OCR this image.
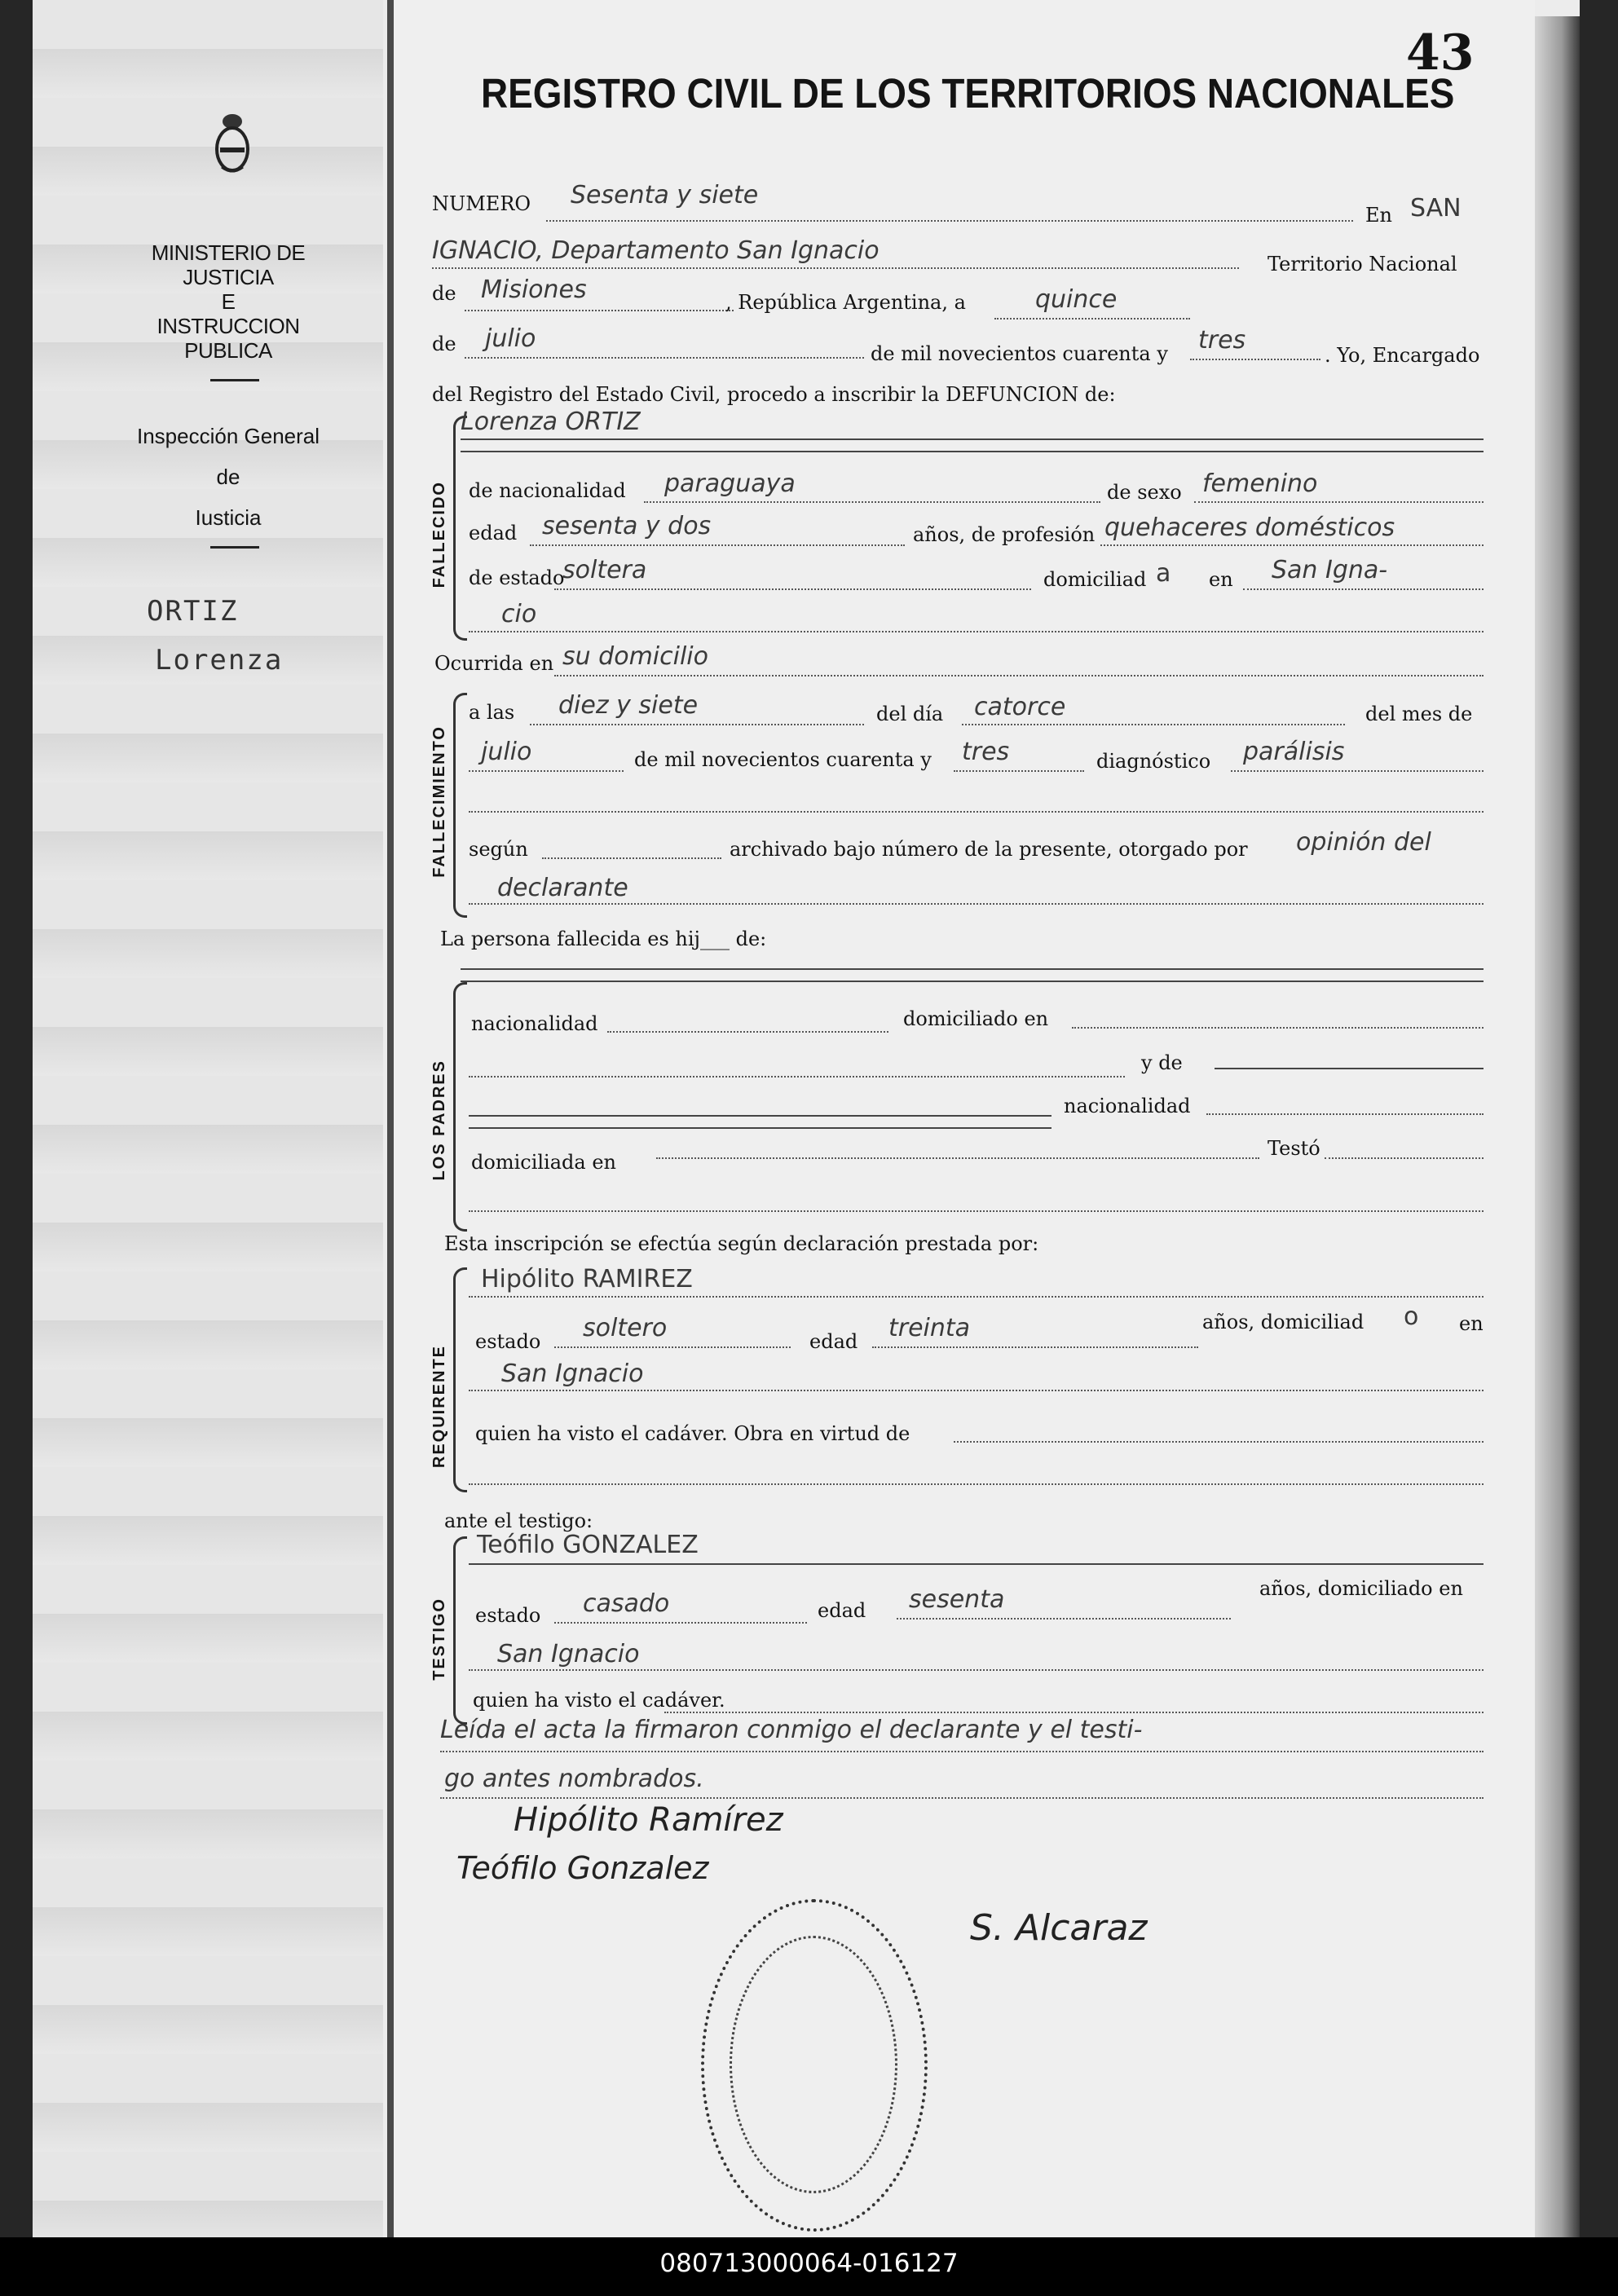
MINISTERIO DE JUSTICIA
E
INSTRUCCION PUBLICA
Inspección General
de
Iusticia
ORTIZ
Lorenza
43
REGISTRO CIVIL DE LOS TERRITORIOS NACIONALES
NUMERO Sesenta y siete
En SAN
IGNACIO, Departamento San Ignacio	Territorio Nacional
de Misiones	, República Argentina, a	quince
de julio
de mil novecientos cuarenta y tres
. Yo, Encargado
del Registro del Estado Civil, procedo a inscribir la DEFUNCION de:
FALLECIDO
Lorenza ORTIZ
de nacionalidad paraguaya	de sexo femenino
edad sesenta y dos	años, de profesión quehaceres domésticos
de estado
soltera	domiciliad a en San Igna-
cio
Ocurrida en su domicilio
FALLECIMIENTO
a las diez y siete	del día catorce	del mes de
julio	de mil novecientos cuarenta y tres	diagnóstico parálisis
según	archivado bajo número de la presente, otorgado por opinión del
declarante
La persona fallecida es hij___ de:
LOS PADRES
nacionalidad	domiciliado en
y de
nacionalidad
Testó
domiciliada en
Esta inscripción se efectúa según declaración prestada por:
REQUIRENTE
Hipólito RAMIREZ
estado soltero	edad treinta	años, domiciliad o en
San Ignacio
quien ha visto el cadáver. Obra en virtud de
ante el testigo:
TESTIGO
Teófilo GONZALEZ
estado casado	edad sesenta	años, domiciliado en
San Ignacio
quien ha visto el cadáver.
Leída el acta la firmaron conmigo el declarante y el testi-
go antes nombrados.
Hipólito Ramírez
Teófilo Gonzalez
S. Alcaraz
080713000064-016127
